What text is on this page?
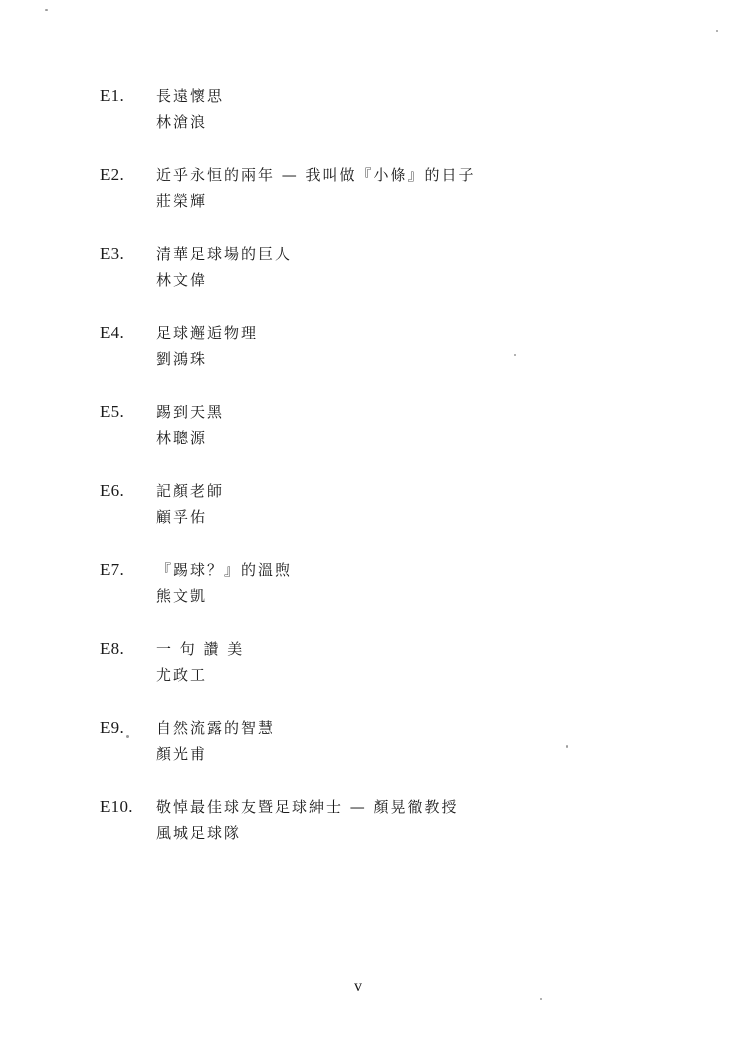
E1. 長遠懷思
林滄浪
E2. 近乎永恒的兩年 — 我叫做『小條』的日子
莊榮輝
E3. 清華足球場的巨人
林文偉
E4. 足球邂逅物理
劉鴻珠
E5. 踢到天黑
林聰源
E6. 記顏老師
顧孚佑
E7. 『踢球？』的溫煦
熊文凱
E8. 一 句 讚 美
尤政工
E9. 自然流露的智慧
顏光甫
E10. 敬悼最佳球友暨足球紳士 — 顏晃徹教授
風城足球隊
v
